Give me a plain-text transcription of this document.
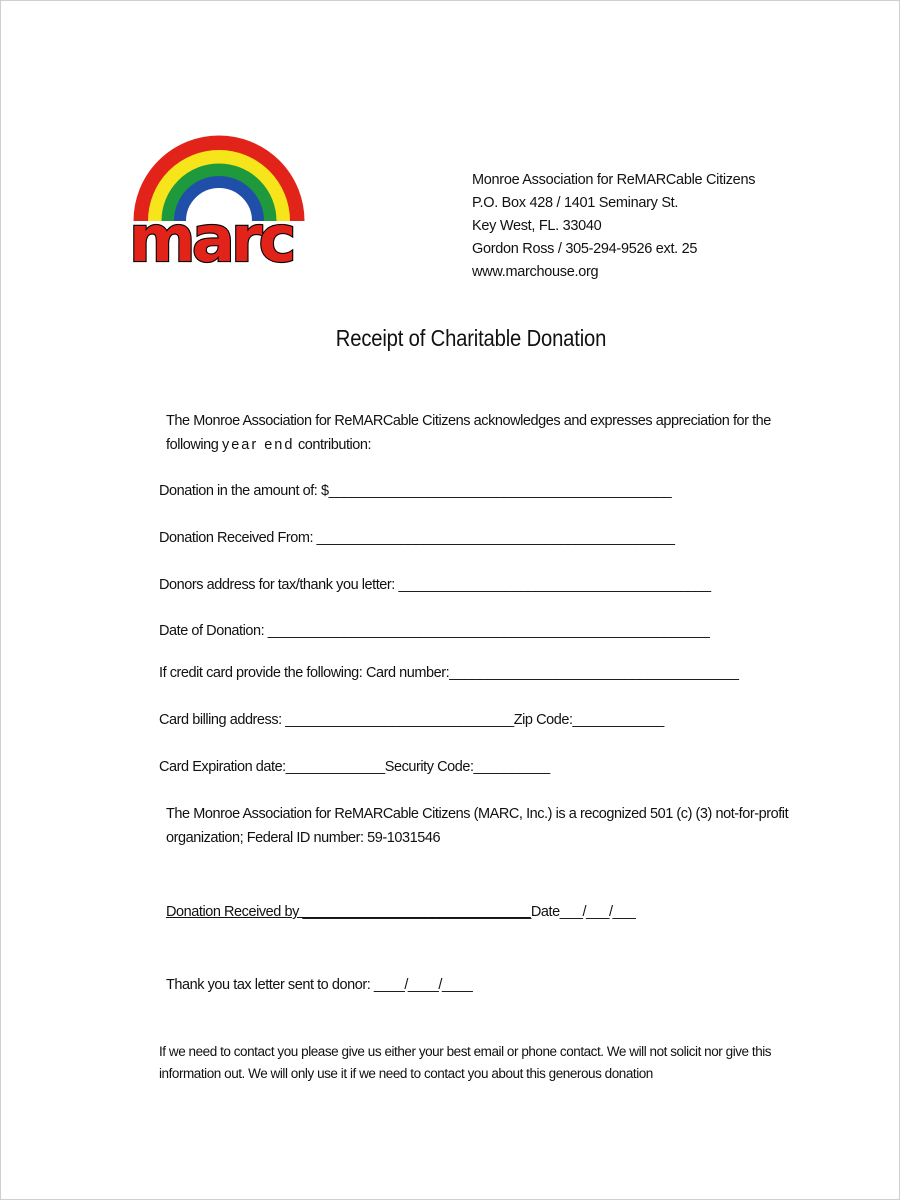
marc
Monroe Association for ReMARCable Citizens
P.O. Box 428 / 1401 Seminary St.
Key West, FL. 33040
Gordon Ross / 305-294-9526 ext. 25
www.marchouse.org
Receipt of Charitable Donation
The Monroe Association for ReMARCable Citizens acknowledges and expresses appreciation for the
following year end contribution:
Donation in the amount of: $_____________________________________________
Donation Received From: _______________________________________________
Donors address for tax/thank you letter: _________________________________________
Date of Donation: __________________________________________________________
If credit card provide the following: Card number:______________________________________
Card billing address: ______________________________Zip Code:____________
Card Expiration date:_____________Security Code:__________
The Monroe Association for ReMARCable Citizens (MARC, Inc.) is a recognized 501 (c) (3) not-for-profit
organization; Federal ID number: 59-1031546
Donation Received by ______________________________Date___/___/___
Thank you tax letter sent to donor: ____/____/____
If we need to contact you please give us either your best email or phone contact. We will not solicit nor give this
information out. We will only use it if we need to contact you about this generous donation
